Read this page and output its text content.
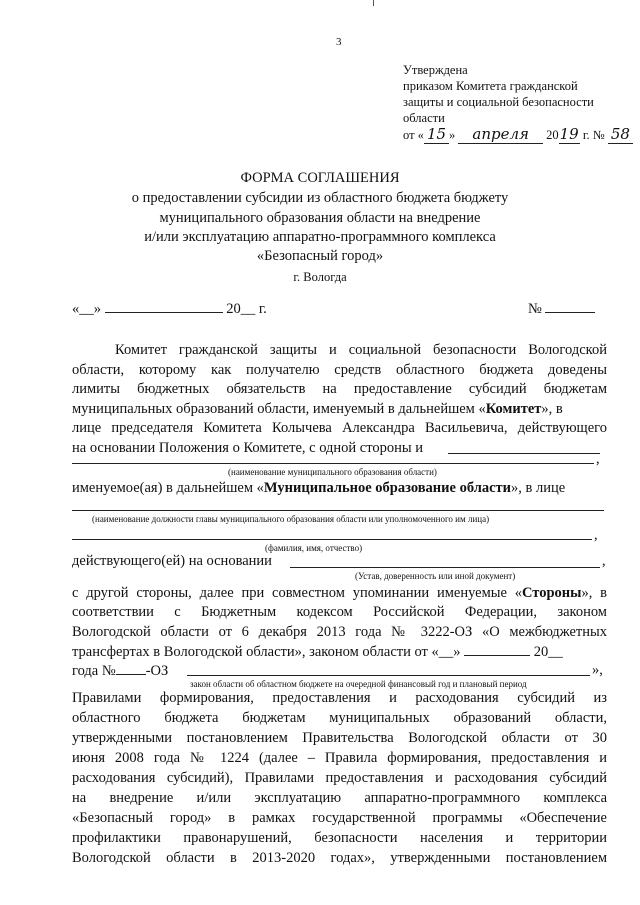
3
Утверждена
приказом Комитета гражданской
защиты и социальной безопасности
области
от « 15 » апреля 2019 г. № 58
ФОРМА СОГЛАШЕНИЯ
о предоставлении субсидии из областного бюджета бюджету
муниципального образования области на внедрение
и/или эксплуатацию аппаратно-программного комплекса
«Безопасный город»
г. Вологда
«__»	20__ г.	№
Комитет гражданской защиты и социальной безопасности Вологодской
области, которому как получателю средств областного бюджета доведены
лимиты бюджетных обязательств на предоставление субсидий бюджетам
муниципальных образований области, именуемый в дальнейшем «Комитет», в
лице председателя Комитета Колычева Александра Васильевича, действующего
на основании Положения о Комитете, с одной стороны и
,
(наименование муниципального образования области)
именуемое(ая) в дальнейшем «Муниципальное образование области», в лице
(наименование должности главы муниципального образования области или уполномоченного им лица)
,
(фамилия, имя, отчество)
действующего(ей) на основании	,
(Устав, доверенность или иной документ)
с другой стороны, далее при совместном упоминании именуемые «Стороны», в
соответствии с Бюджетным кодексом Российской Федерации, законом
Вологодской области от 6 декабря 2013 года № 3222-ОЗ «О межбюджетных
трансфертах в Вологодской области», законом области от «__»	20__
года № -ОЗ	»,
закон области об областном бюджете на очередной финансовый год и плановый период
Правилами формирования, предоставления и расходования субсидий из
областного бюджета бюджетам муниципальных образований области,
утвержденными постановлением Правительства Вологодской области от 30
июня 2008 года № 1224 (далее – Правила формирования, предоставления и
расходования субсидий), Правилами предоставления и расходования субсидий
на внедрение и/или эксплуатацию аппаратно-программного комплекса
«Безопасный город» в рамках государственной программы «Обеспечение
профилактики правонарушений, безопасности населения и территории
Вологодской области в 2013-2020 годах», утвержденными постановлением
